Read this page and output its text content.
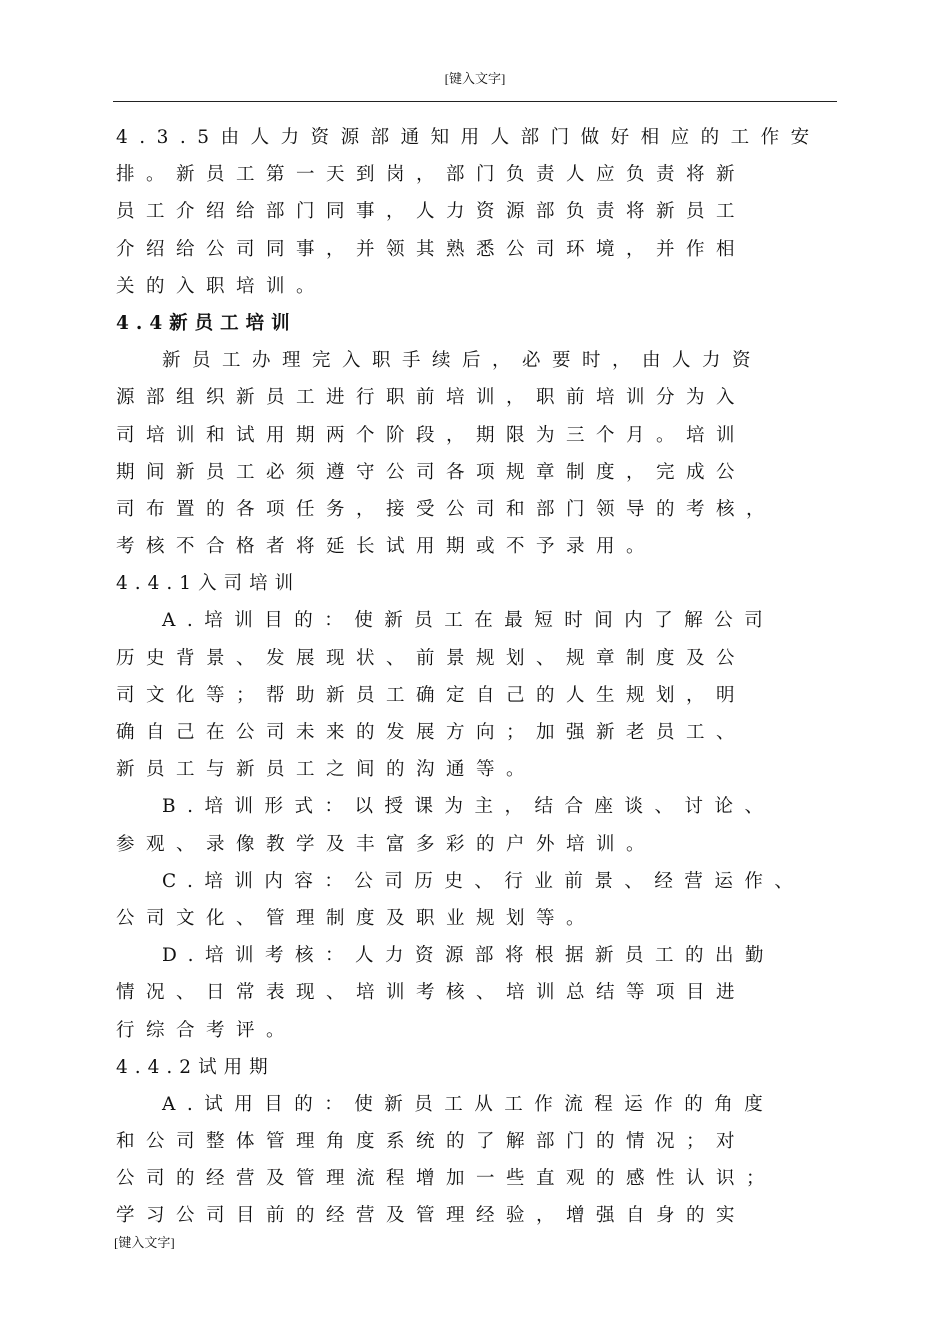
[键入文字]
4.3.5由人力资源部通知用人部门做好相应的工作安
排。新员工第一天到岗，部门负责人应负责将新
员工介绍给部门同事，人力资源部负责将新员工
介绍给公司同事，并领其熟悉公司环境，并作相
关的入职培训。
4.4新员工培训
新员工办理完入职手续后，必要时，由人力资
源部组织新员工进行职前培训，职前培训分为入
司培训和试用期两个阶段，期限为三个月。培训
期间新员工必须遵守公司各项规章制度，完成公
司布置的各项任务，接受公司和部门领导的考核，
考核不合格者将延长试用期或不予录用。
4.4.1入司培训
A.培训目的：使新员工在最短时间内了解公司
历史背景、发展现状、前景规划、规章制度及公
司文化等；帮助新员工确定自己的人生规划，明
确自己在公司未来的发展方向；加强新老员工、
新员工与新员工之间的沟通等。
B.培训形式：以授课为主，结合座谈、讨论、
参观、录像教学及丰富多彩的户外培训。
C.培训内容：公司历史、行业前景、经营运作、
公司文化、管理制度及职业规划等。
D.培训考核：人力资源部将根据新员工的出勤
情况、日常表现、培训考核、培训总结等项目进
行综合考评。
4.4.2试用期
A.试用目的：使新员工从工作流程运作的角度
和公司整体管理角度系统的了解部门的情况；对
公司的经营及管理流程增加一些直观的感性认识；
学习公司目前的经营及管理经验，增强自身的实
[键入文字]
